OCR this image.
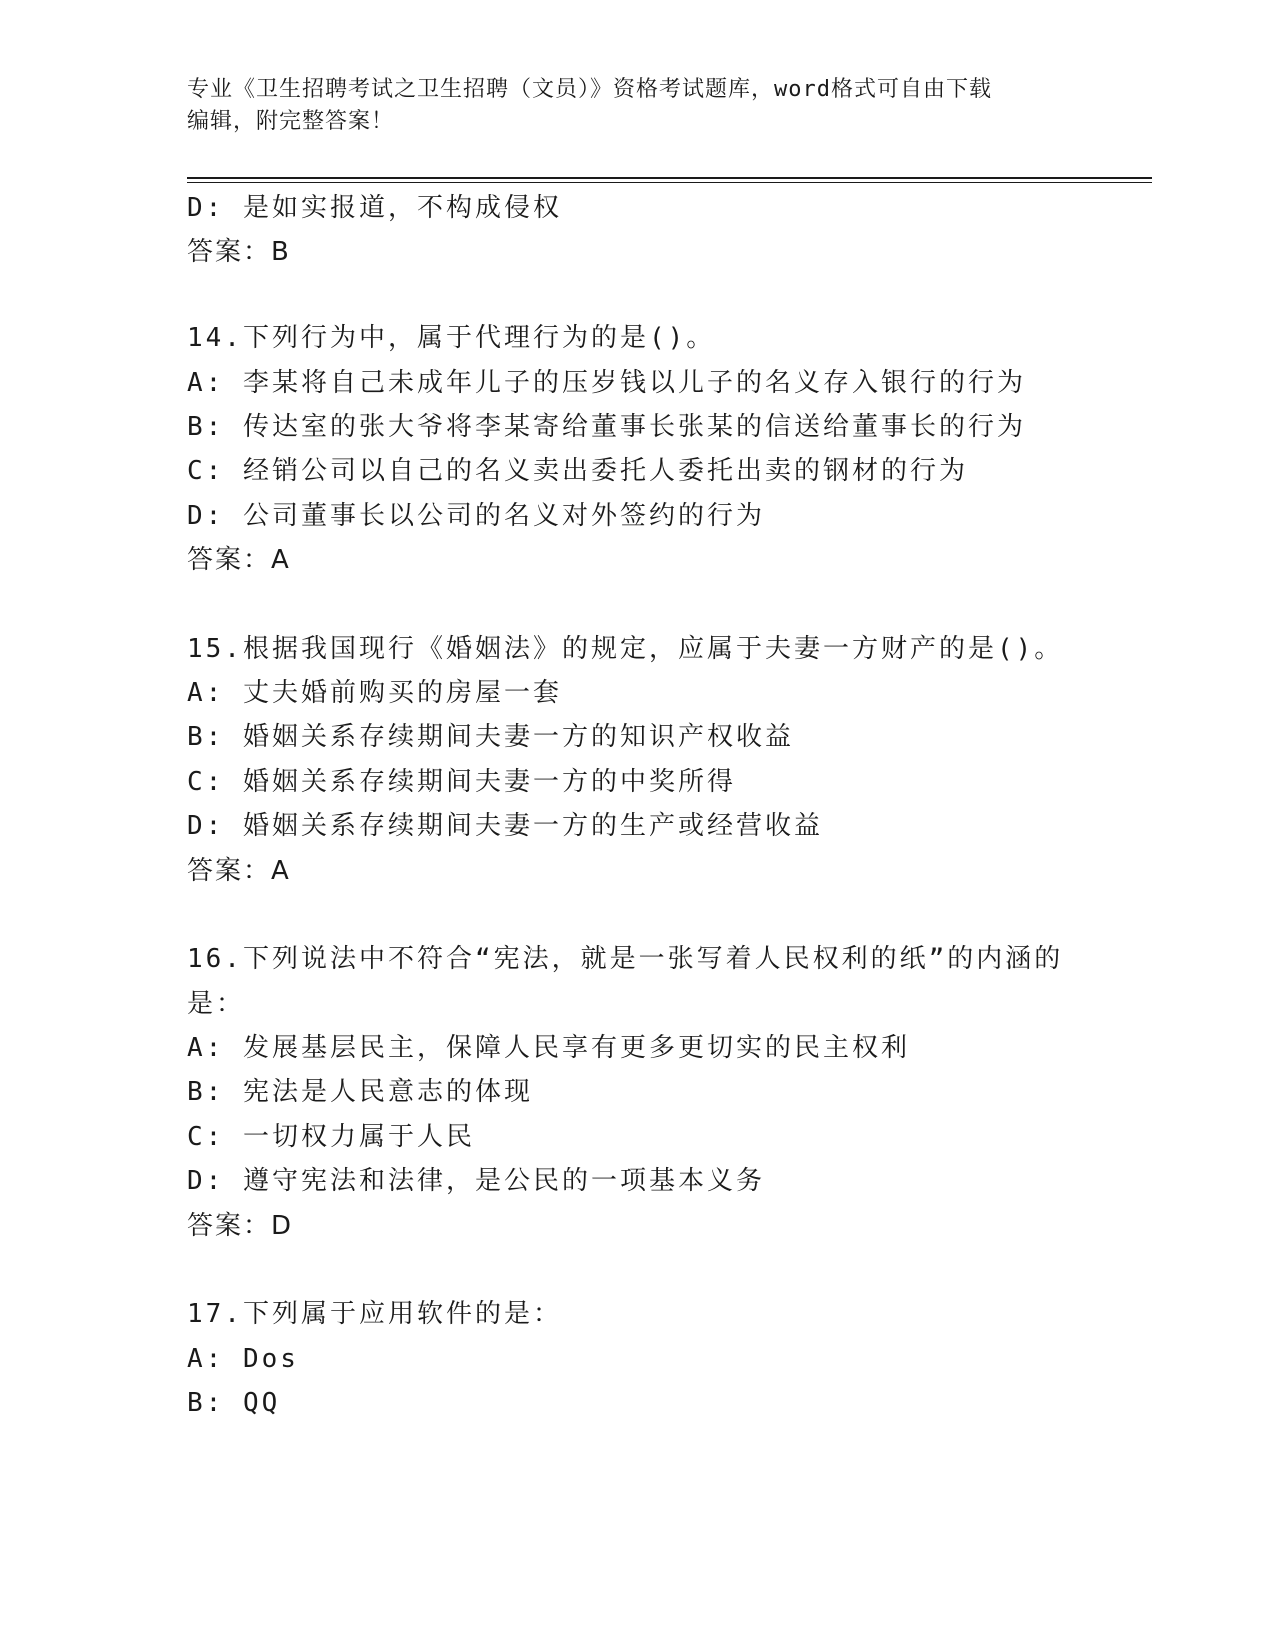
专业《卫生招聘考试之卫生招聘（文员）》资格考试题库，word格式可自由下载
编辑，附完整答案！
D: 是如实报道，不构成侵权
答案：B
14.下列行为中，属于代理行为的是()。
A: 李某将自己未成年儿子的压岁钱以儿子的名义存入银行的行为
B: 传达室的张大爷将李某寄给董事长张某的信送给董事长的行为
C: 经销公司以自己的名义卖出委托人委托出卖的钢材的行为
D: 公司董事长以公司的名义对外签约的行为
答案：A
15.根据我国现行《婚姻法》的规定，应属于夫妻一方财产的是()。
A: 丈夫婚前购买的房屋一套
B: 婚姻关系存续期间夫妻一方的知识产权收益
C: 婚姻关系存续期间夫妻一方的中奖所得
D: 婚姻关系存续期间夫妻一方的生产或经营收益
答案：A
16.下列说法中不符合“宪法，就是一张写着人民权利的纸”的内涵的
是：
A: 发展基层民主，保障人民享有更多更切实的民主权利
B: 宪法是人民意志的体现
C: 一切权力属于人民
D: 遵守宪法和法律，是公民的一项基本义务
答案：D
17.下列属于应用软件的是：
A: Dos
B: QQ
